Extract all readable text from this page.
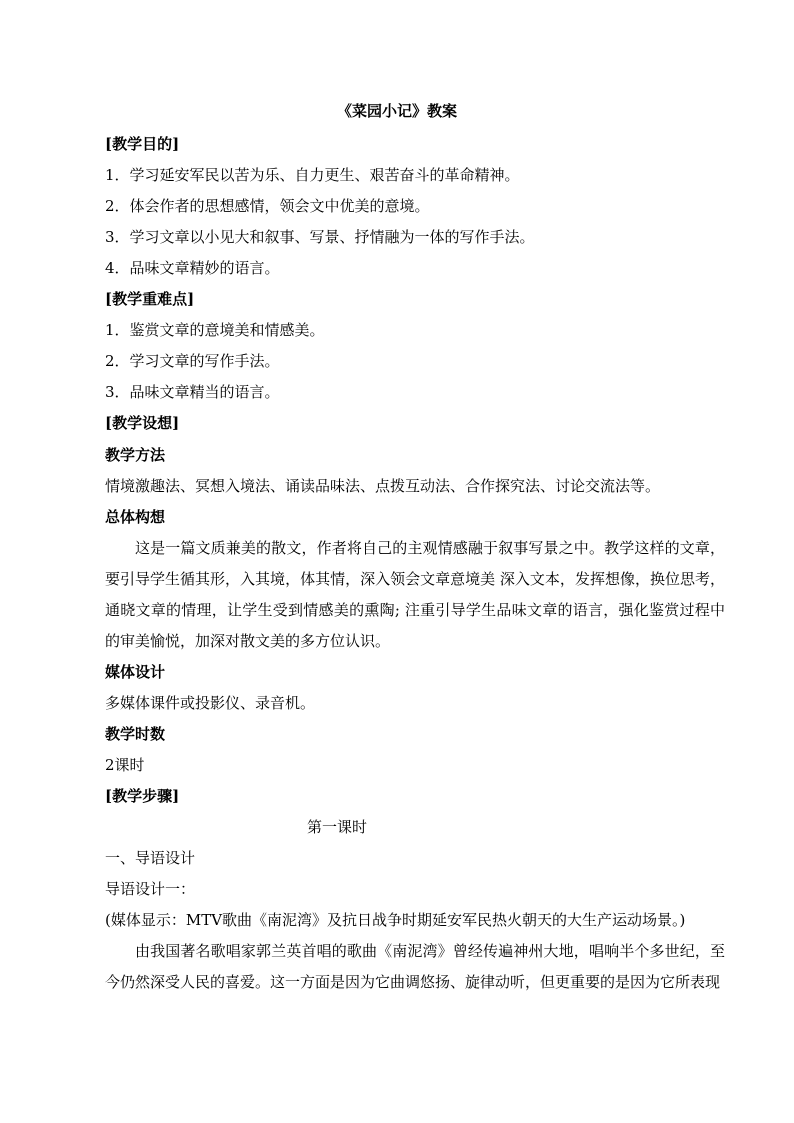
《菜园小记》教案
[教学目的]
1．学习延安军民以苦为乐、自力更生、艰苦奋斗的革命精神。
2．体会作者的思想感情，领会文中优美的意境。
3．学习文章以小见大和叙事、写景、抒情融为一体的写作手法。
4．品味文章精妙的语言。
[教学重难点]
1．鉴赏文章的意境美和情感美。
2．学习文章的写作手法。
3．品味文章精当的语言。
[教学设想]
教学方法
情境激趣法、冥想入境法、诵读品味法、点拨互动法、合作探究法、讨论交流法等。
总体构想
这是一篇文质兼美的散文，作者将自己的主观情感融于叙事写景之中。教学这样的文章，要引导学生循其形，入其境，体其情，深入领会文章意境美 深入文本，发挥想像，换位思考，通晓文章的情理，让学生受到情感美的熏陶; 注重引导学生品味文章的语言，强化鉴赏过程中的审美愉悦，加深对散文美的多方位认识。
媒体设计
多媒体课件或投影仪、录音机。
教学时数
2课时
[教学步骤]
第一课时
一、导语设计
导语设计一：
(媒体显示：MTV歌曲《南泥湾》及抗日战争时期延安军民热火朝天的大生产运动场景。)
由我国著名歌唱家郭兰英首唱的歌曲《南泥湾》曾经传遍神州大地，唱响半个多世纪，至今仍然深受人民的喜爱。这一方面是因为它曲调悠扬、旋律动听，但更重要的是因为它所表现
